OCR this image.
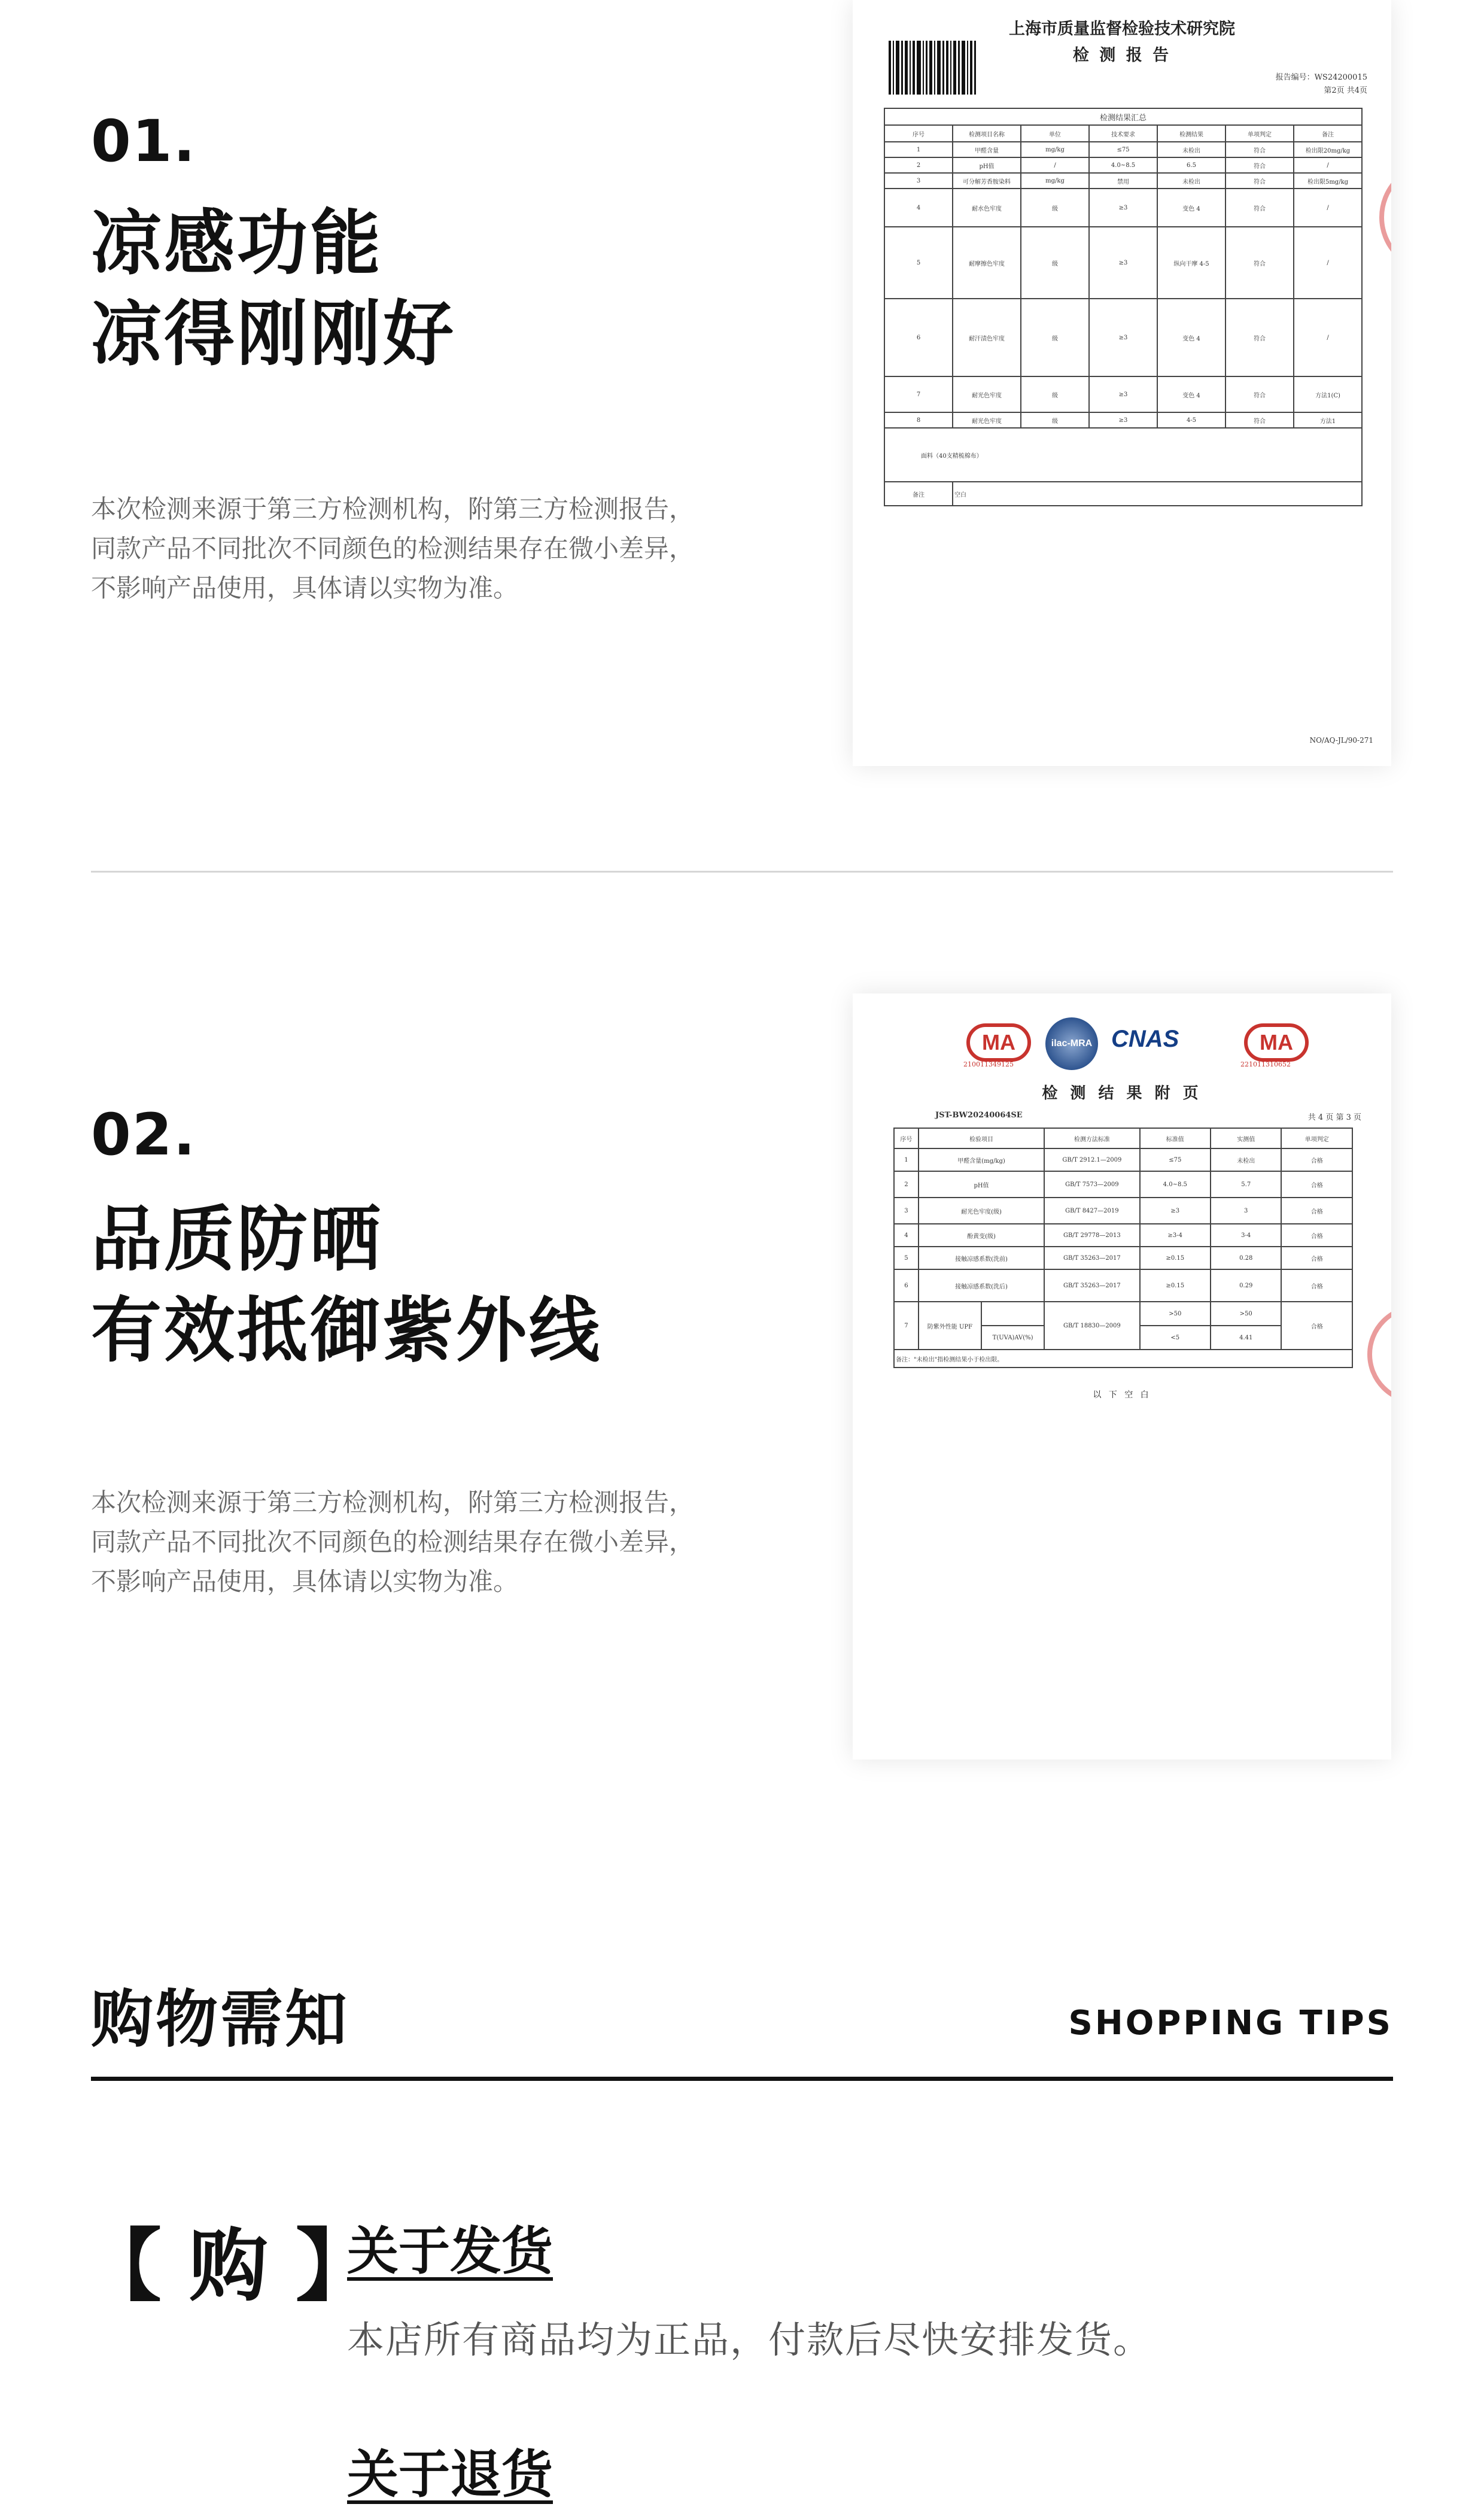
01.
凉感功能
凉得刚刚好
本次检测来源于第三方检测机构，附第三方检测报告，
同款产品不同批次不同颜色的检测结果存在微小差异，
不影响产品使用，具体请以实物为准。
上海市质量监督检验技术研究院
检 测 报 告
报告编号：WS24200015
第2页 共4页
检测结果汇总						
序号	检测项目名称	单位	技术要求	检测结果	单项判定	备注
1	甲醛含量	mg/kg	≤75	未检出	符合	检出限20mg/kg
2	pH值	/	4.0~8.5	6.5	符合	/
3	可分解芳香胺染料	mg/kg	禁用	未检出	符合	检出限5mg/kg
4	耐水色牢度	级	≥3	变色 4	符合	/
5	耐摩擦色牢度	级	≥3	纵向干摩 4-5	符合	/
6	耐汗渍色牢度	级	≥3	变色 4	符合	/
7	耐光色牢度	级	≥3	变色 4	符合	方法1(C)
8	耐光色牢度	级	≥3	4-5	符合	方法1
面料（40支精梳棉布）						
备注	空白					
NO/AQ-JL/90-271
02.
品质防晒
有效抵御紫外线
本次检测来源于第三方检测机构，附第三方检测报告，
同款产品不同批次不同颜色的检测结果存在微小差异，
不影响产品使用，具体请以实物为准。
MA
210011349125
ilac-MRA CNAS	MA
221011310652
检 测 结 果 附 页
JST-BW20240064SE	共 4 页 第 3 页
序号	检验项目		检测方法标准	标准值	实测值	单项判定
1	甲醛含量(mg/kg)		GB/T 2912.1—2009	≤75	未检出	合格
2	pH值		GB/T 7573—2009	4.0~8.5	5.7	合格
3	耐光色牢度(级)		GB/T 8427—2019	≥3	3	合格
4	酚黄变(级)		GB/T 29778—2013	≥3-4	3-4	合格
5	接触凉感系数(洗前)		GB/T 35263—2017	≥0.15	0.28	合格
6	接触凉感系数(洗后)		GB/T 35263—2017	≥0.15	0.29	合格
7	防紫外性能 UPF		GB/T 18830—2009	>50	>50	合格
		T(UVA)AV(%)		<5	4.41	
备注："未检出"指检测结果小于检出限。						
以 下 空 白
购物需知	SHOPPING TIPS
【 购 】
关于发货
本店所有商品均为正品，付款后尽快安排发货。
关于退货
